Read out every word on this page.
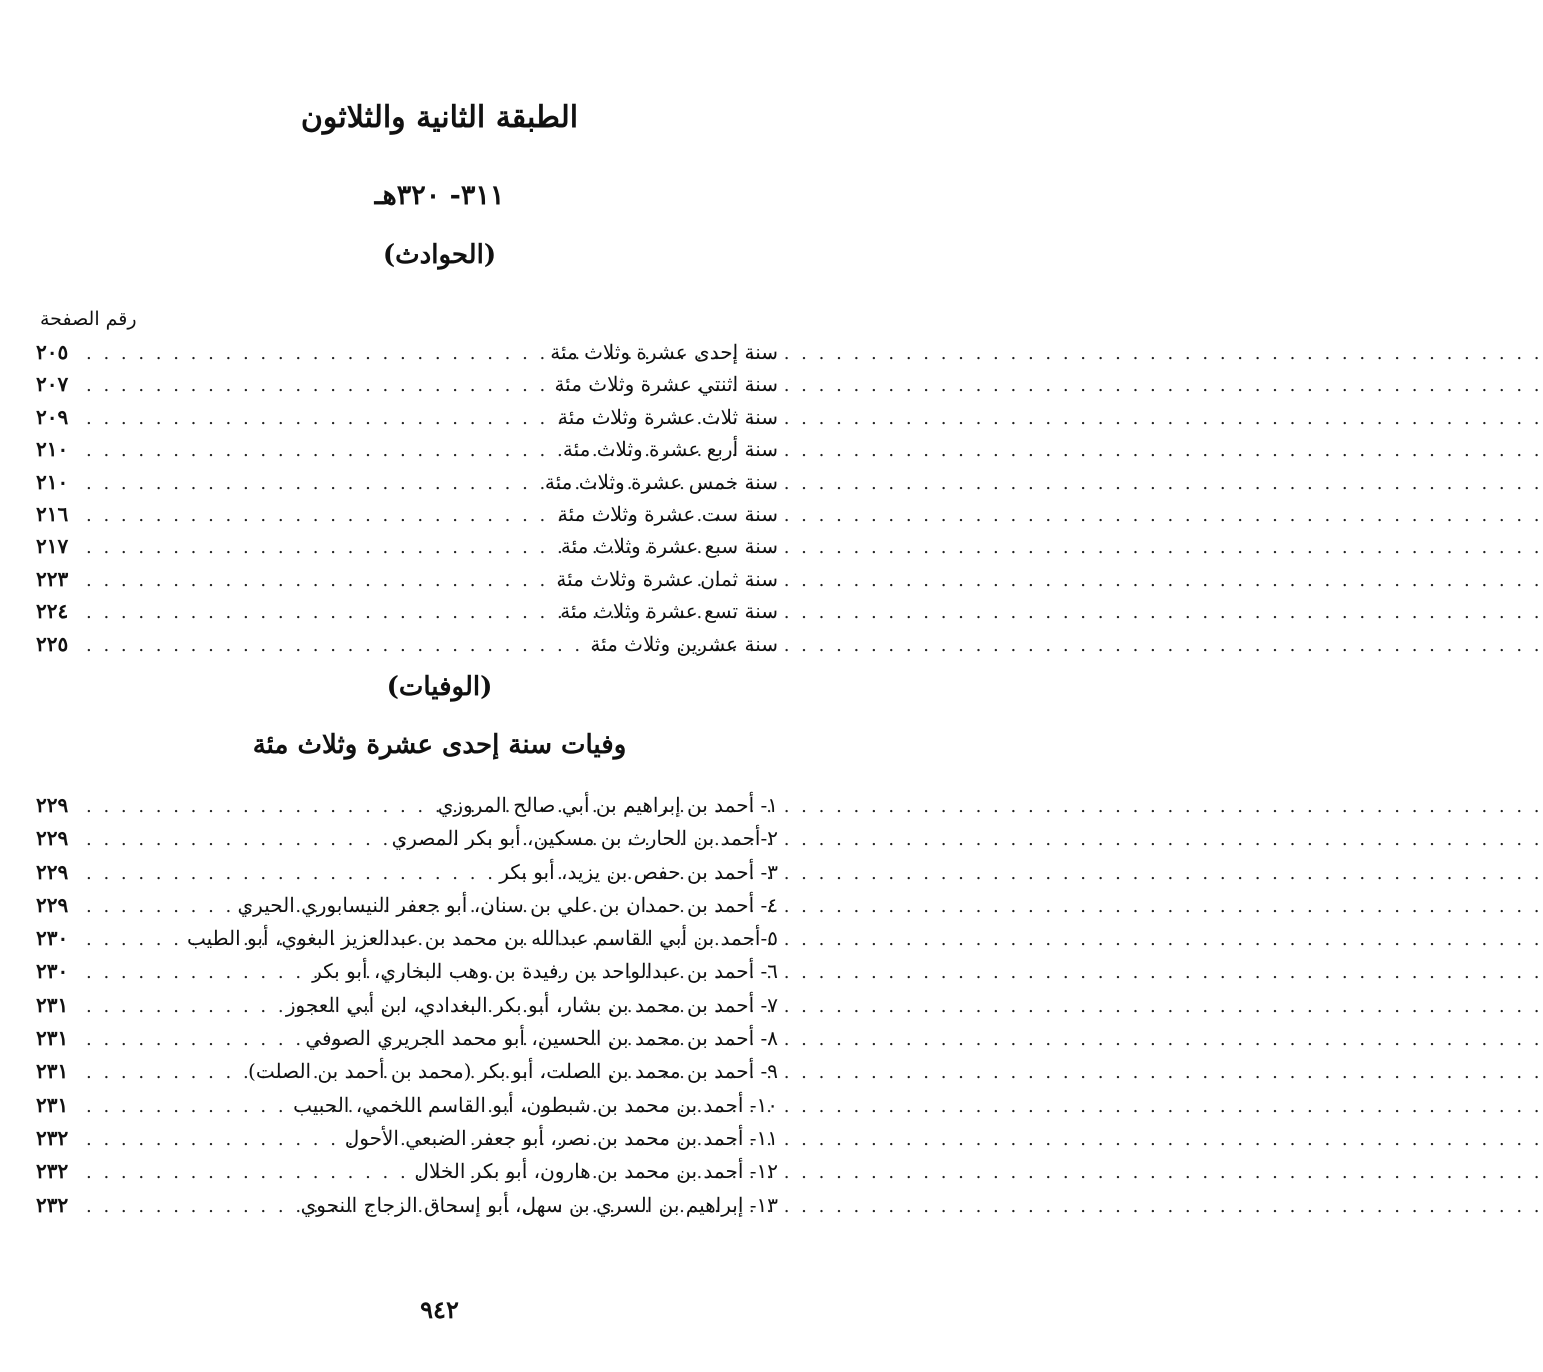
الطبقة الثانية والثلاثون
٣١١- ٣٢٠هـ
(الحوادث)
رقم الصفحة
سنة إحدى عشرة وثلاث مئة
. . .
٢٠٥
سنة اثنتي عشرة وثلاث مئة
. . .
٢٠٧
سنة ثلاث عشرة وثلاث مئة
. . .
٢٠٩
سنة أربع عشرة وثلاث مئة
. . .
٢١٠
سنة خمس عشرة وثلاث مئة
. . .
٢١٠
سنة ست عشرة وثلاث مئة
. . .
٢١٦
سنة سبع عشرة وثلاث مئة
. . .
٢١٧
سنة ثمان عشرة وثلاث مئة
. . .
٢٢٣
سنة تسع عشرة وثلاث مئة
. . .
٢٢٤
سنة عشرين وثلاث مئة
. . .
٢٢٥
(الوفيات)
وفيات سنة إحدى عشرة وثلاث مئة
١- أحمد بن إبراهيم بن أبي صالح المروزي
. . .
٢٢٩
٢-أحمد بن الحارث بن مسكين، أبو بكر المصري
. . .
٢٢٩
٣- أحمد بن حفص بن يزيد، أبو بكر
. . .
٢٢٩
٤- أحمد بن حمدان بن علي بن سنان، أبو جعفر النيسابوري الحيري
. . .
٢٢٩
٥-أحمد بن أبي القاسم عبدالله بن محمد بن عبدالعزيز البغوي، أبو الطيب
. . .
٢٣٠
٦- أحمد بن عبدالواحد بن رفيدة بن وهب البخاري، أبو بكر
. . .
٢٣٠
٧- أحمد بن محمد بن بشار، أبو بكر البغدادي، ابن أبي العجوز
. . .
٢٣١
٨- أحمد بن محمد بن الحسين، أبو محمد الجريري الصوفي
. . .
٢٣١
٩- أحمد بن محمد بن الصلت، أبو بكر (محمد بن أحمد بن الصلت)
. . .
٢٣١
١٠- أحمد بن محمد بن شبطون، أبو القاسم اللخمي، الحبيب
. . .
٢٣١
١١- أحمد بن محمد بن نصر، أبو جعفر الضبعي الأحول
. . .
٢٣٢
١٢- أحمد بن محمد بن هارون، أبو بكر الخلال
. . .
٢٣٢
١٣- إبراهيم بن السري بن سهل، أبو إسحاق الزجاج النحوي
. . .
٢٣٢
٩٤٢
